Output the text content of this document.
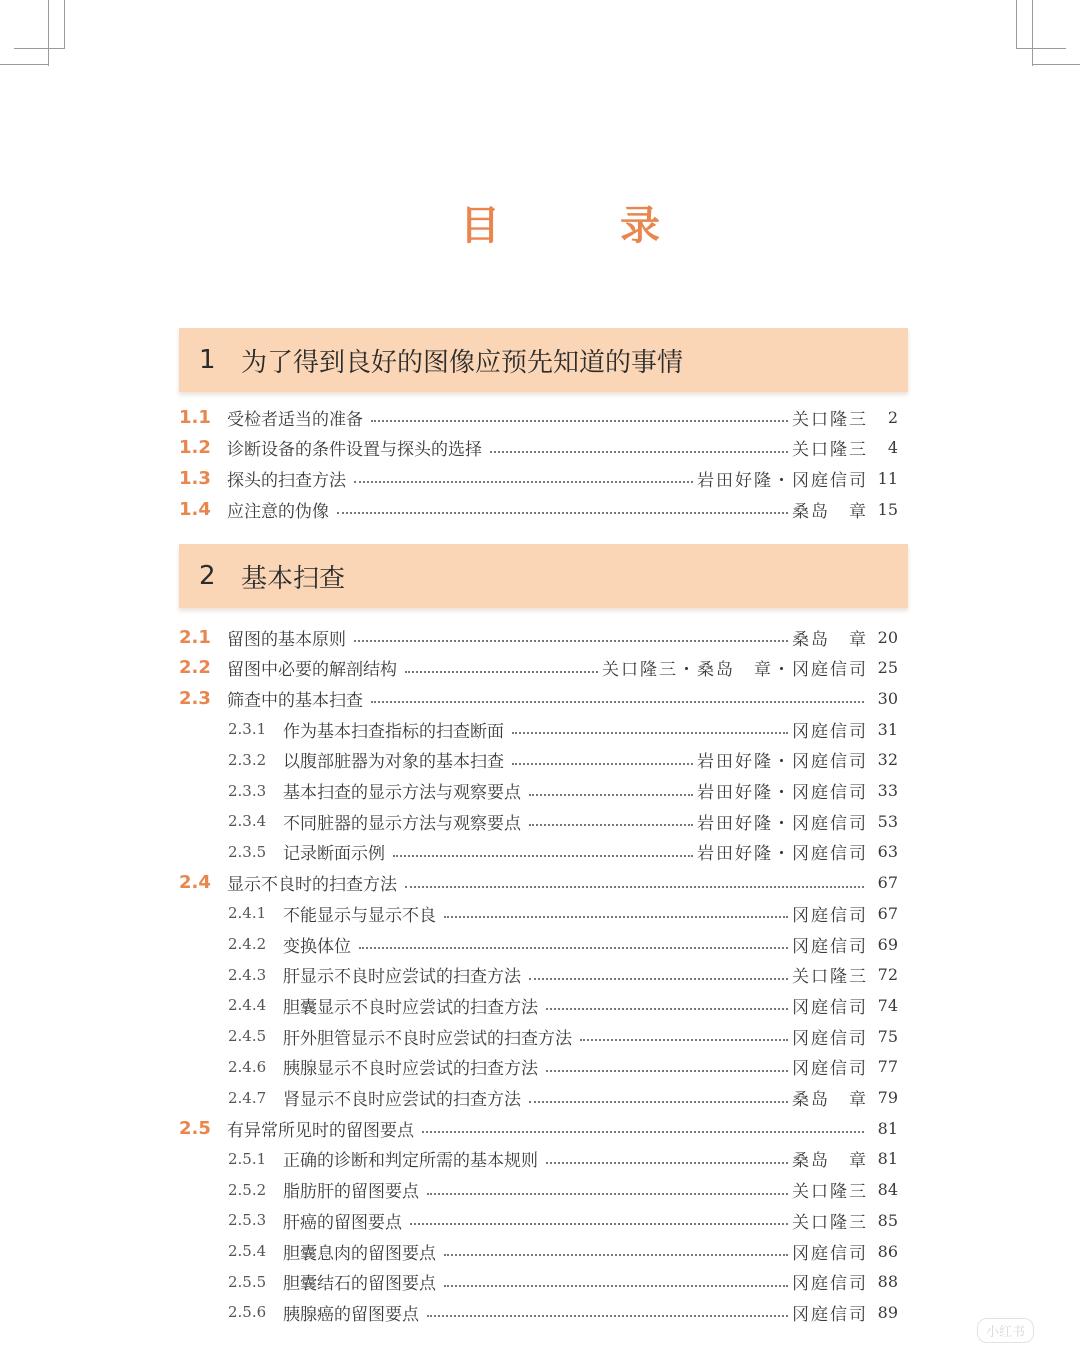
目　录
1 为了得到良好的图像应预先知道的事情
2 基本扫查
1.1 受检者适当的准备	关口隆三	2
1.2 诊断设备的条件设置与探头的选择	关口隆三	4
1.3 探头的扫查方法	岩田好隆・冈庭信司 11
1.4 应注意的伪像	桑岛　章 15
2.1 留图的基本原则	桑岛　章 20
2.2 留图中必要的解剖结构	关口隆三・桑岛　章・冈庭信司 25
2.3 筛查中的基本扫查	30
2.3.1 作为基本扫查指标的扫查断面	冈庭信司 31
2.3.2 以腹部脏器为对象的基本扫查	岩田好隆・冈庭信司 32
2.3.3 基本扫查的显示方法与观察要点	岩田好隆・冈庭信司 33
2.3.4 不同脏器的显示方法与观察要点	岩田好隆・冈庭信司 53
2.3.5 记录断面示例	岩田好隆・冈庭信司 63
2.4 显示不良时的扫查方法	67
2.4.1 不能显示与显示不良	冈庭信司 67
2.4.2 变换体位	冈庭信司 69
2.4.3 肝显示不良时应尝试的扫查方法	关口隆三 72
2.4.4 胆囊显示不良时应尝试的扫查方法	冈庭信司 74
2.4.5 肝外胆管显示不良时应尝试的扫查方法	冈庭信司 75
2.4.6 胰腺显示不良时应尝试的扫查方法	冈庭信司 77
2.4.7 肾显示不良时应尝试的扫查方法	桑岛　章 79
2.5 有异常所见时的留图要点	81
2.5.1 正确的诊断和判定所需的基本规则	桑岛　章 81
2.5.2 脂肪肝的留图要点	关口隆三 84
2.5.3 肝癌的留图要点	关口隆三 85
2.5.4 胆囊息肉的留图要点	冈庭信司 86
2.5.5 胆囊结石的留图要点	冈庭信司 88
2.5.6 胰腺癌的留图要点	冈庭信司 89
小红书
